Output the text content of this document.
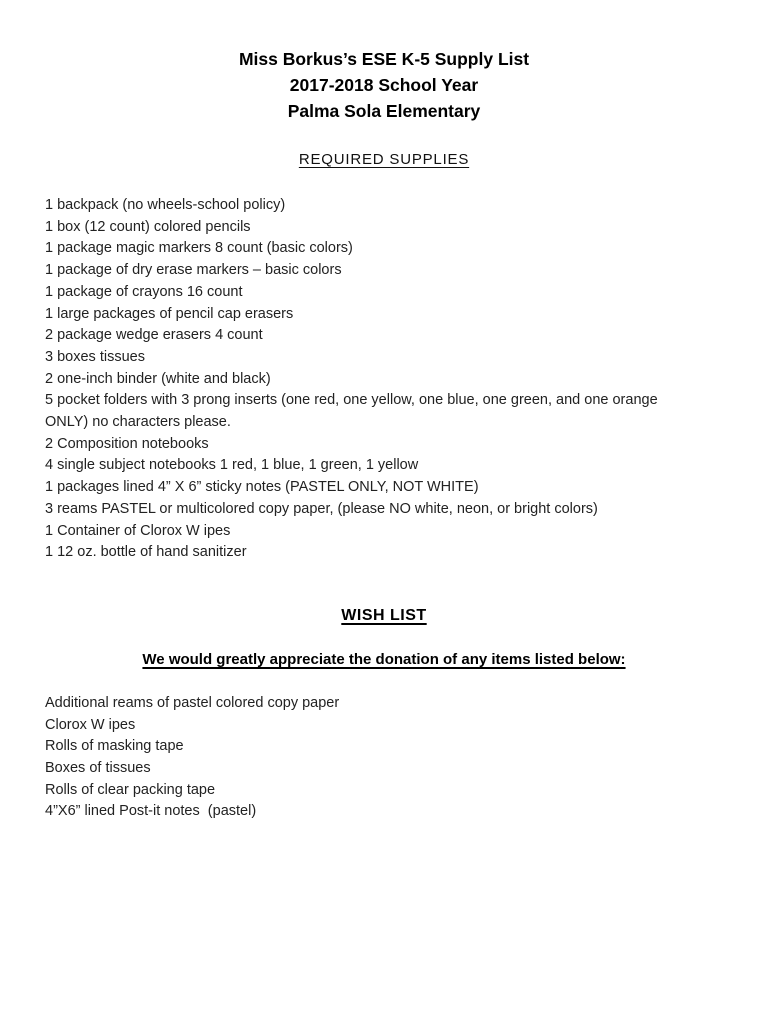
Miss Borkus’s ESE K-5 Supply List
2017-2018 School Year
Palma Sola Elementary
REQUIRED SUPPLIES
1 backpack (no wheels-school policy)
1 box (12 count) colored pencils
1 package magic markers 8 count (basic colors)
1 package of dry erase markers – basic colors
1 package of crayons 16 count
1 large packages of pencil cap erasers
2 package wedge erasers 4 count
3 boxes tissues
2 one-inch binder (white and black)
5 pocket folders with 3 prong inserts (one red, one yellow, one blue, one green, and one orange
ONLY) no characters please.
2 Composition notebooks
4 single subject notebooks 1 red, 1 blue, 1 green, 1 yellow
1 packages lined 4” X 6” sticky notes (PASTEL ONLY, NOT WHITE)
3 reams PASTEL or multicolored copy paper, (please NO white, neon, or bright colors)
1 Container of Clorox W ipes
1 12 oz. bottle of hand sanitizer
WISH LIST
We would greatly appreciate the donation of any items listed below:
Additional reams of pastel colored copy paper
Clorox W ipes
Rolls of masking tape
Boxes of tissues
Rolls of clear packing tape
4”X6” lined Post-it notes  (pastel)
